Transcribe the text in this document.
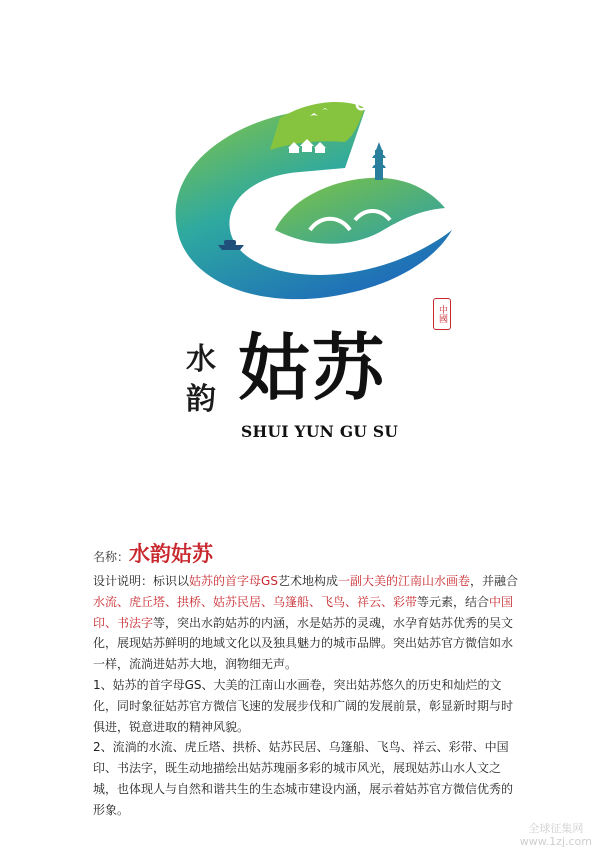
中國
水
韵 姑苏
SHUI YUN GU SU
名称：水韵姑苏

设计说明：标识以姑苏的首字母GS艺术地构成一副大美的江南山水画卷，并融合水流、虎丘塔、拱桥、姑苏民居、乌篷船、飞鸟、祥云、彩带等元素，结合中国印、书法字等，突出水韵姑苏的内涵，水是姑苏的灵魂，水孕育姑苏优秀的吴文化，展现姑苏鲜明的地域文化以及独具魅力的城市品牌。突出姑苏官方微信如水一样，流淌进姑苏大地，润物细无声。

1、姑苏的首字母GS、大美的江南山水画卷，突出姑苏悠久的历史和灿烂的文化，同时象征姑苏官方微信飞速的发展步伐和广阔的发展前景，彰显新时期与时俱进，锐意进取的精神风貌。

2、流淌的水流、虎丘塔、拱桥、姑苏民居、乌篷船、飞鸟、祥云、彩带、中国印、书法字，既生动地描绘出姑苏瑰丽多彩的城市风光，展现姑苏山水人文之城，也体现人与自然和谐共生的生态城市建设内涵，展示着姑苏官方微信优秀的形象。

全球征集网
www.1zj.com
